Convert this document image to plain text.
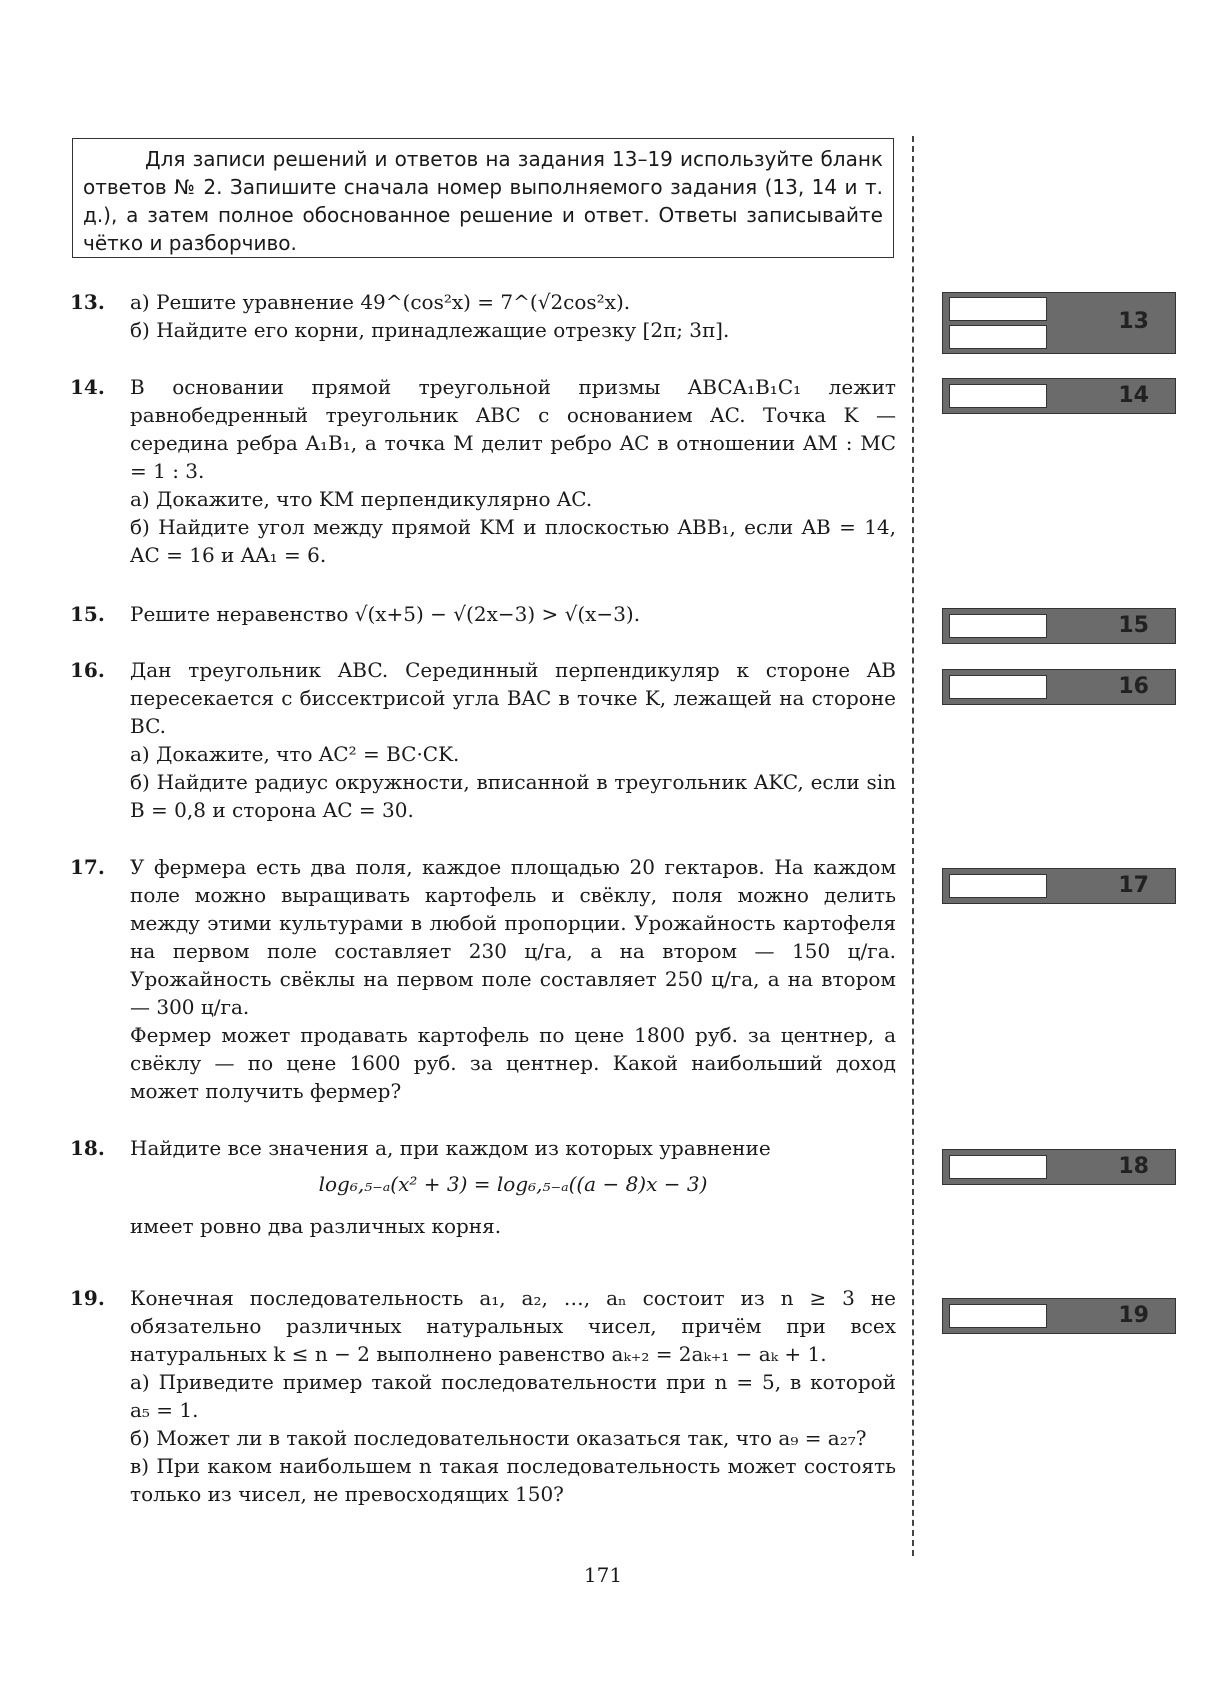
Для записи решений и ответов на задания 13–19 используйте бланк ответов № 2. Запишите сначала номер выполняемого задания (13, 14 и т. д.), а затем полное обоснованное решение и ответ. Ответы записывайте чётко и разборчиво.
13. а) Решите уравнение 49^(cos²x) = 7^(√2cos²x).
б) Найдите его корни, принадлежащие отрезку [2π; 3π].
14. В основании прямой треугольной призмы ABCA₁B₁C₁ лежит равнобедренный треугольник ABC с основанием AC. Точка K — середина ребра A₁B₁, а точка M делит ребро AC в отношении AM : MC = 1 : 3.
а) Докажите, что KM перпендикулярно AC.
б) Найдите угол между прямой KM и плоскостью ABB₁, если AB = 14, AC = 16 и AA₁ = 6.
15. Решите неравенство √(x+5) − √(2x−3) > √(x−3).
16. Дан треугольник ABC. Серединный перпендикуляр к стороне AB пересекается с биссектрисой угла BAC в точке K, лежащей на стороне BC.
а) Докажите, что AC² = BC·CK.
б) Найдите радиус окружности, вписанной в треугольник AKC, если sin B = 0,8 и сторона AC = 30.
17. У фермера есть два поля, каждое площадью 20 гектаров. На каждом поле можно выращивать картофель и свёклу, поля можно делить между этими культурами в любой пропорции. Урожайность картофеля на первом поле составляет 230 ц/га, а на втором — 150 ц/га. Урожайность свёклы на первом поле составляет 250 ц/га, а на втором — 300 ц/га.
Фермер может продавать картофель по цене 1800 руб. за центнер, а свёклу — по цене 1600 руб. за центнер. Какой наибольший доход может получить фермер?
18. Найдите все значения a, при каждом из которых уравнение
log₆,₅₋ₐ(x² + 3) = log₆,₅₋ₐ((a − 8)x − 3)
имеет ровно два различных корня.
19. Конечная последовательность a₁, a₂, …, aₙ состоит из n ≥ 3 не обязательно различных натуральных чисел, причём при всех натуральных k ≤ n − 2 выполнено равенство aₖ₊₂ = 2aₖ₊₁ − aₖ + 1.
а) Приведите пример такой последовательности при n = 5, в которой a₅ = 1.
б) Может ли в такой последовательности оказаться так, что a₉ = a₂₇?
в) При каком наибольшем n такая последовательность может состоять только из чисел, не превосходящих 150?
13
14
15
16
17
18
19
171
